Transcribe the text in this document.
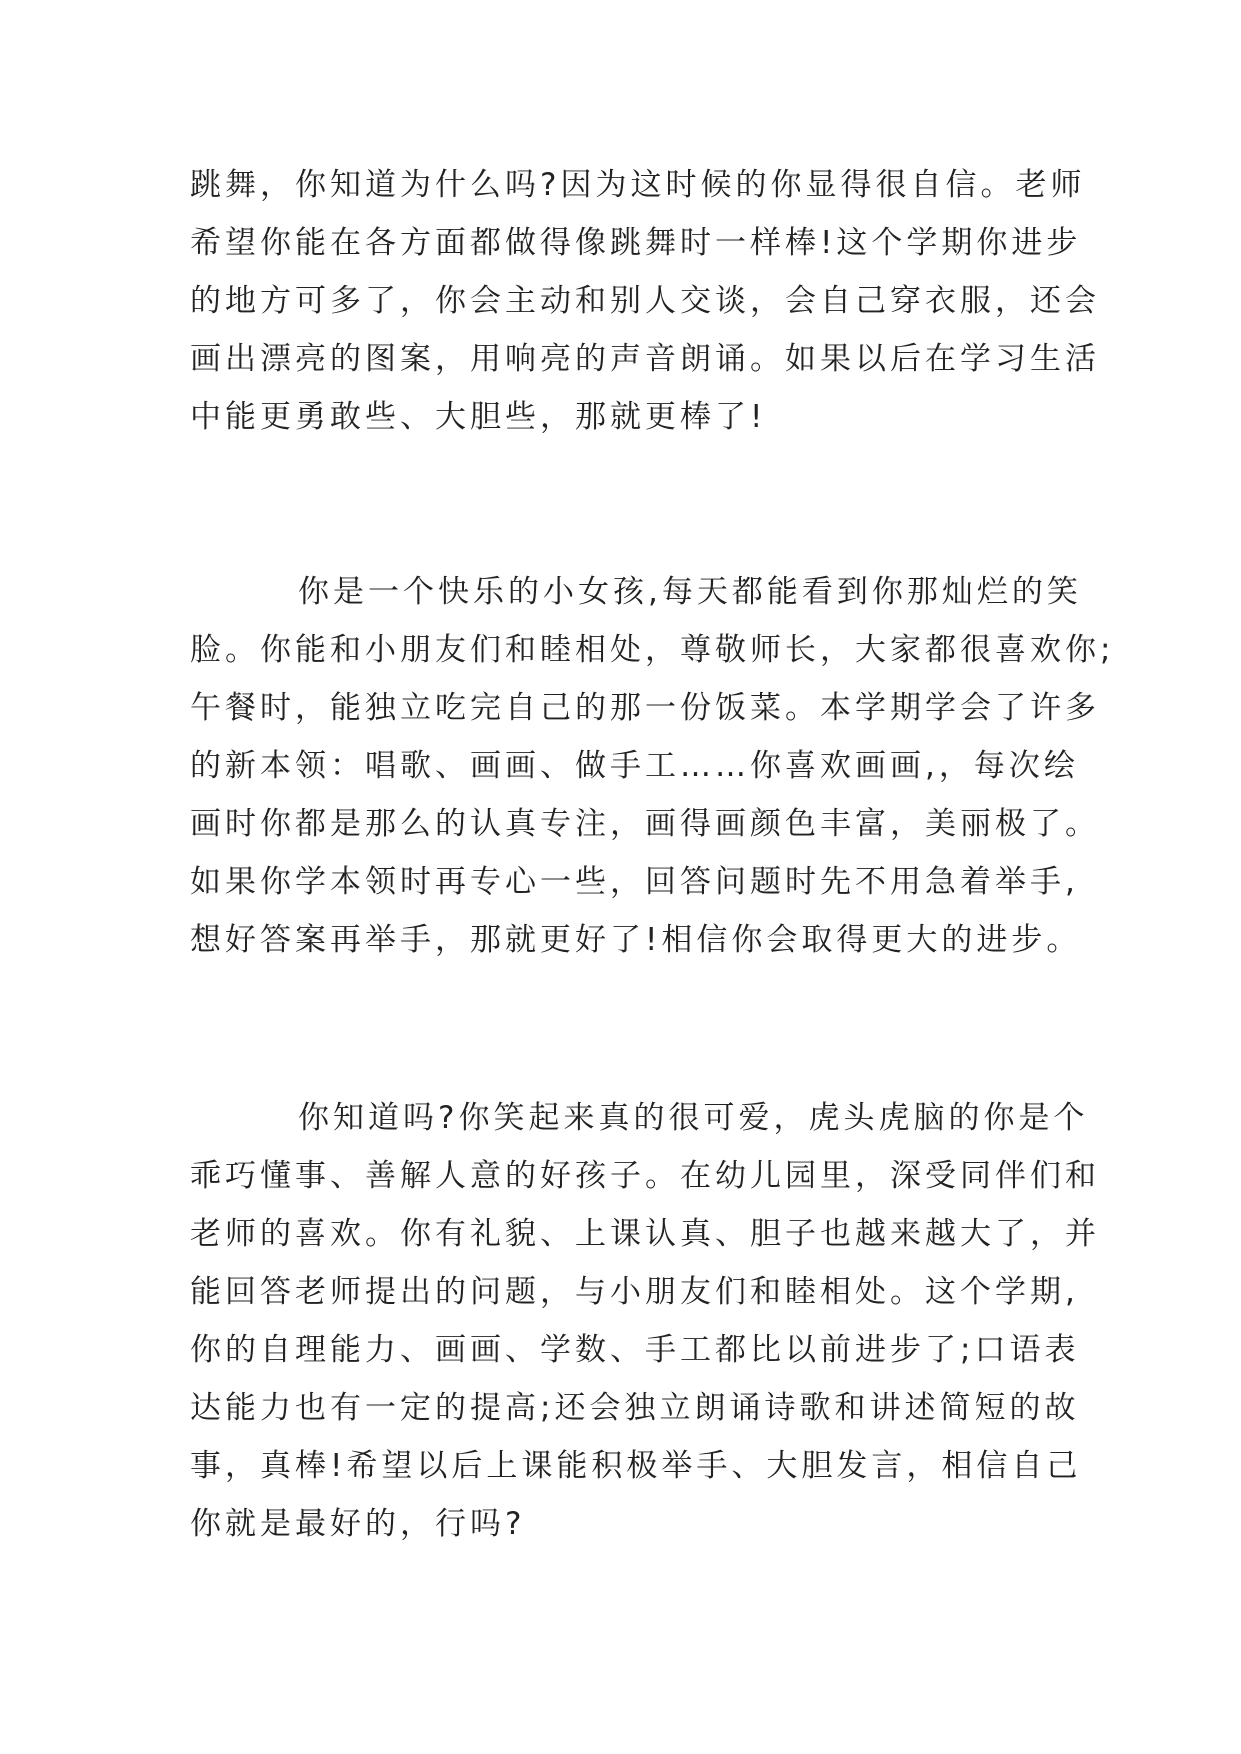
跳舞，你知道为什么吗?因为这时候的你显得很自信。老师
希望你能在各方面都做得像跳舞时一样棒!这个学期你进步
的地方可多了，你会主动和别人交谈，会自己穿衣服，还会
画出漂亮的图案，用响亮的声音朗诵。如果以后在学习生活
中能更勇敢些、大胆些，那就更棒了!
你是一个快乐的小女孩,每天都能看到你那灿烂的笑
脸。你能和小朋友们和睦相处，尊敬师长，大家都很喜欢你;
午餐时，能独立吃完自己的那一份饭菜。本学期学会了许多
的新本领：唱歌、画画、做手工……你喜欢画画,，每次绘
画时你都是那么的认真专注，画得画颜色丰富，美丽极了。
如果你学本领时再专心一些，回答问题时先不用急着举手,
想好答案再举手，那就更好了!相信你会取得更大的进步。
你知道吗?你笑起来真的很可爱，虎头虎脑的你是个
乖巧懂事、善解人意的好孩子。在幼儿园里，深受同伴们和
老师的喜欢。你有礼貌、上课认真、胆子也越来越大了，并
能回答老师提出的问题，与小朋友们和睦相处。这个学期,
你的自理能力、画画、学数、手工都比以前进步了;口语表
达能力也有一定的提高;还会独立朗诵诗歌和讲述简短的故
事，真棒!希望以后上课能积极举手、大胆发言，相信自己
你就是最好的，行吗?
